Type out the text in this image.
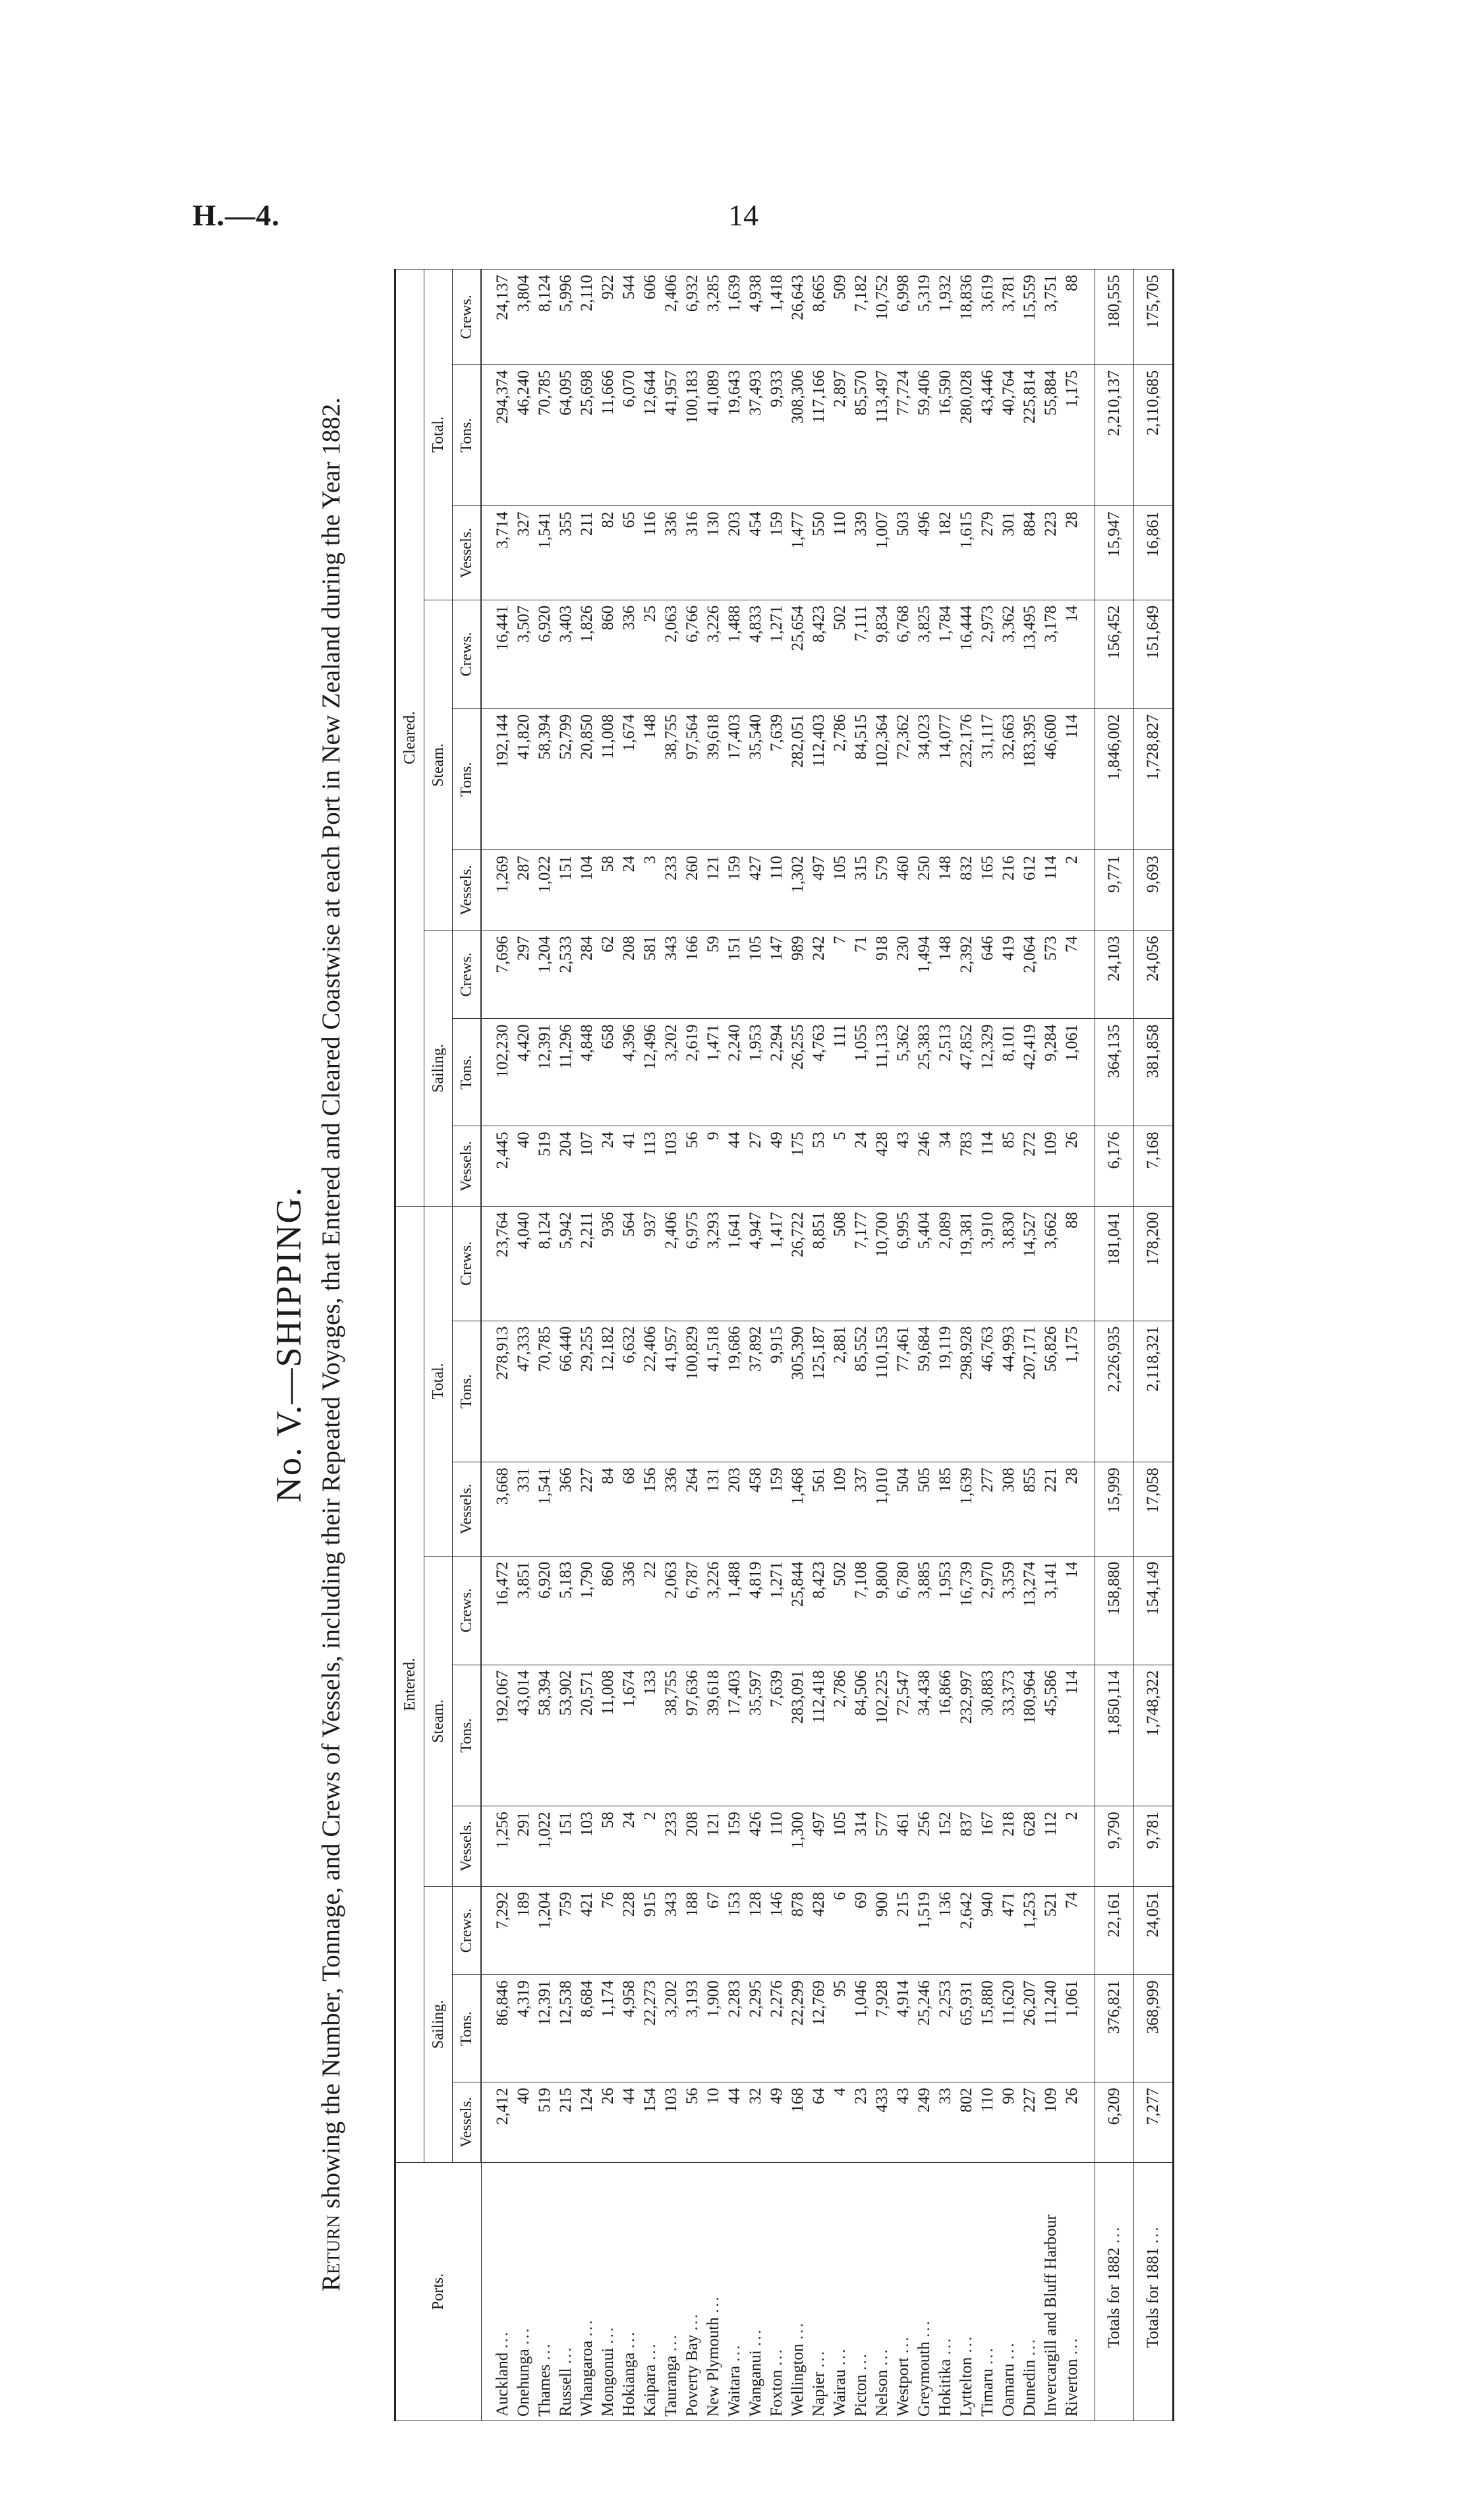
H.—4.	14
No. V.—SHIPPING.
Return showing the Number, Tonnage, and Crews of Vessels, including their Repeated Voyages, that Entered and Cleared Coastwise at each Port in New Zealand during the Year 1882.
Ports.	Entered.									Cleared.								
	Sailing.			Steam.			Total.			Sailing.			Steam.			Total.		
	Vessels.	Tons.	Crews.	Vessels.	Tons.	Crews.	Vessels.	Tons.	Crews.	Vessels.	Tons.	Crews.	Vessels.	Tons.	Crews.	Vessels.	Tons.	Crews.
Auckland ...	2,412	86,846	7,292	1,256	192,067	16,472	3,668	278,913	23,764	2,445	102,230	7,696	1,269	192,144	16,441	3,714	294,374	24,137
Onehunga ...	40	4,319	189	291	43,014	3,851	331	47,333	4,040	40	4,420	297	287	41,820	3,507	327	46,240	3,804
Thames ...	519	12,391	1,204	1,022	58,394	6,920	1,541	70,785	8,124	519	12,391	1,204	1,022	58,394	6,920	1,541	70,785	8,124
Russell ...	215	12,538	759	151	53,902	5,183	366	66,440	5,942	204	11,296	2,533	151	52,799	3,403	355	64,095	5,996
Whangaroa ...	124	8,684	421	103	20,571	1,790	227	29,255	2,211	107	4,848	284	104	20,850	1,826	211	25,698	2,110
Mongonui ...	26	1,174	76	58	11,008	860	84	12,182	936	24	658	62	58	11,008	860	82	11,666	922
Hokianga ...	44	4,958	228	24	1,674	336	68	6,632	564	41	4,396	208	24	1,674	336	65	6,070	544
Kaipara ...	154	22,273	915	2	133	22	156	22,406	937	113	12,496	581	3	148	25	116	12,644	606
Tauranga ...	103	3,202	343	233	38,755	2,063	336	41,957	2,406	103	3,202	343	233	38,755	2,063	336	41,957	2,406
Poverty Bay ...	56	3,193	188	208	97,636	6,787	264	100,829	6,975	56	2,619	166	260	97,564	6,766	316	100,183	6,932
New Plymouth ...	10	1,900	67	121	39,618	3,226	131	41,518	3,293	9	1,471	59	121	39,618	3,226	130	41,089	3,285
Waitara ...	44	2,283	153	159	17,403	1,488	203	19,686	1,641	44	2,240	151	159	17,403	1,488	203	19,643	1,639
Wanganui ...	32	2,295	128	426	35,597	4,819	458	37,892	4,947	27	1,953	105	427	35,540	4,833	454	37,493	4,938
Foxton ...	49	2,276	146	110	7,639	1,271	159	9,915	1,417	49	2,294	147	110	7,639	1,271	159	9,933	1,418
Wellington ...	168	22,299	878	1,300	283,091	25,844	1,468	305,390	26,722	175	26,255	989	1,302	282,051	25,654	1,477	308,306	26,643
Napier ...	64	12,769	428	497	112,418	8,423	561	125,187	8,851	53	4,763	242	497	112,403	8,423	550	117,166	8,665
Wairau ...	4	95	6	105	2,786	502	109	2,881	508	5	111	7	105	2,786	502	110	2,897	509
Picton ...	23	1,046	69	314	84,506	7,108	337	85,552	7,177	24	1,055	71	315	84,515	7,111	339	85,570	7,182
Nelson ...	433	7,928	900	577	102,225	9,800	1,010	110,153	10,700	428	11,133	918	579	102,364	9,834	1,007	113,497	10,752
Westport ...	43	4,914	215	461	72,547	6,780	504	77,461	6,995	43	5,362	230	460	72,362	6,768	503	77,724	6,998
Greymouth ...	249	25,246	1,519	256	34,438	3,885	505	59,684	5,404	246	25,383	1,494	250	34,023	3,825	496	59,406	5,319
Hokitika ...	33	2,253	136	152	16,866	1,953	185	19,119	2,089	34	2,513	148	148	14,077	1,784	182	16,590	1,932
Lyttelton ...	802	65,931	2,642	837	232,997	16,739	1,639	298,928	19,381	783	47,852	2,392	832	232,176	16,444	1,615	280,028	18,836
Timaru ...	110	15,880	940	167	30,883	2,970	277	46,763	3,910	114	12,329	646	165	31,117	2,973	279	43,446	3,619
Oamaru ...	90	11,620	471	218	33,373	3,359	308	44,993	3,830	85	8,101	419	216	32,663	3,362	301	40,764	3,781
Dunedin ...	227	26,207	1,253	628	180,964	13,274	855	207,171	14,527	272	42,419	2,064	612	183,395	13,495	884	225,814	15,559
Invercargill and Bluff Harbour	109	11,240	521	112	45,586	3,141	221	56,826	3,662	109	9,284	573	114	46,600	3,178	223	55,884	3,751
Riverton ...	26	1,061	74	2	114	14	28	1,175	88	26	1,061	74	2	114	14	28	1,175	88
Totals for 1882 ...	6,209	376,821	22,161	9,790	1,850,114	158,880	15,999	2,226,935	181,041	6,176	364,135	24,103	9,771	1,846,002	156,452	15,947	2,210,137	180,555
Totals for 1881 ...	7,277	368,999	24,051	9,781	1,748,322	154,149	17,058	2,118,321	178,200	7,168	381,858	24,056	9,693	1,728,827	151,649	16,861	2,110,685	175,705
